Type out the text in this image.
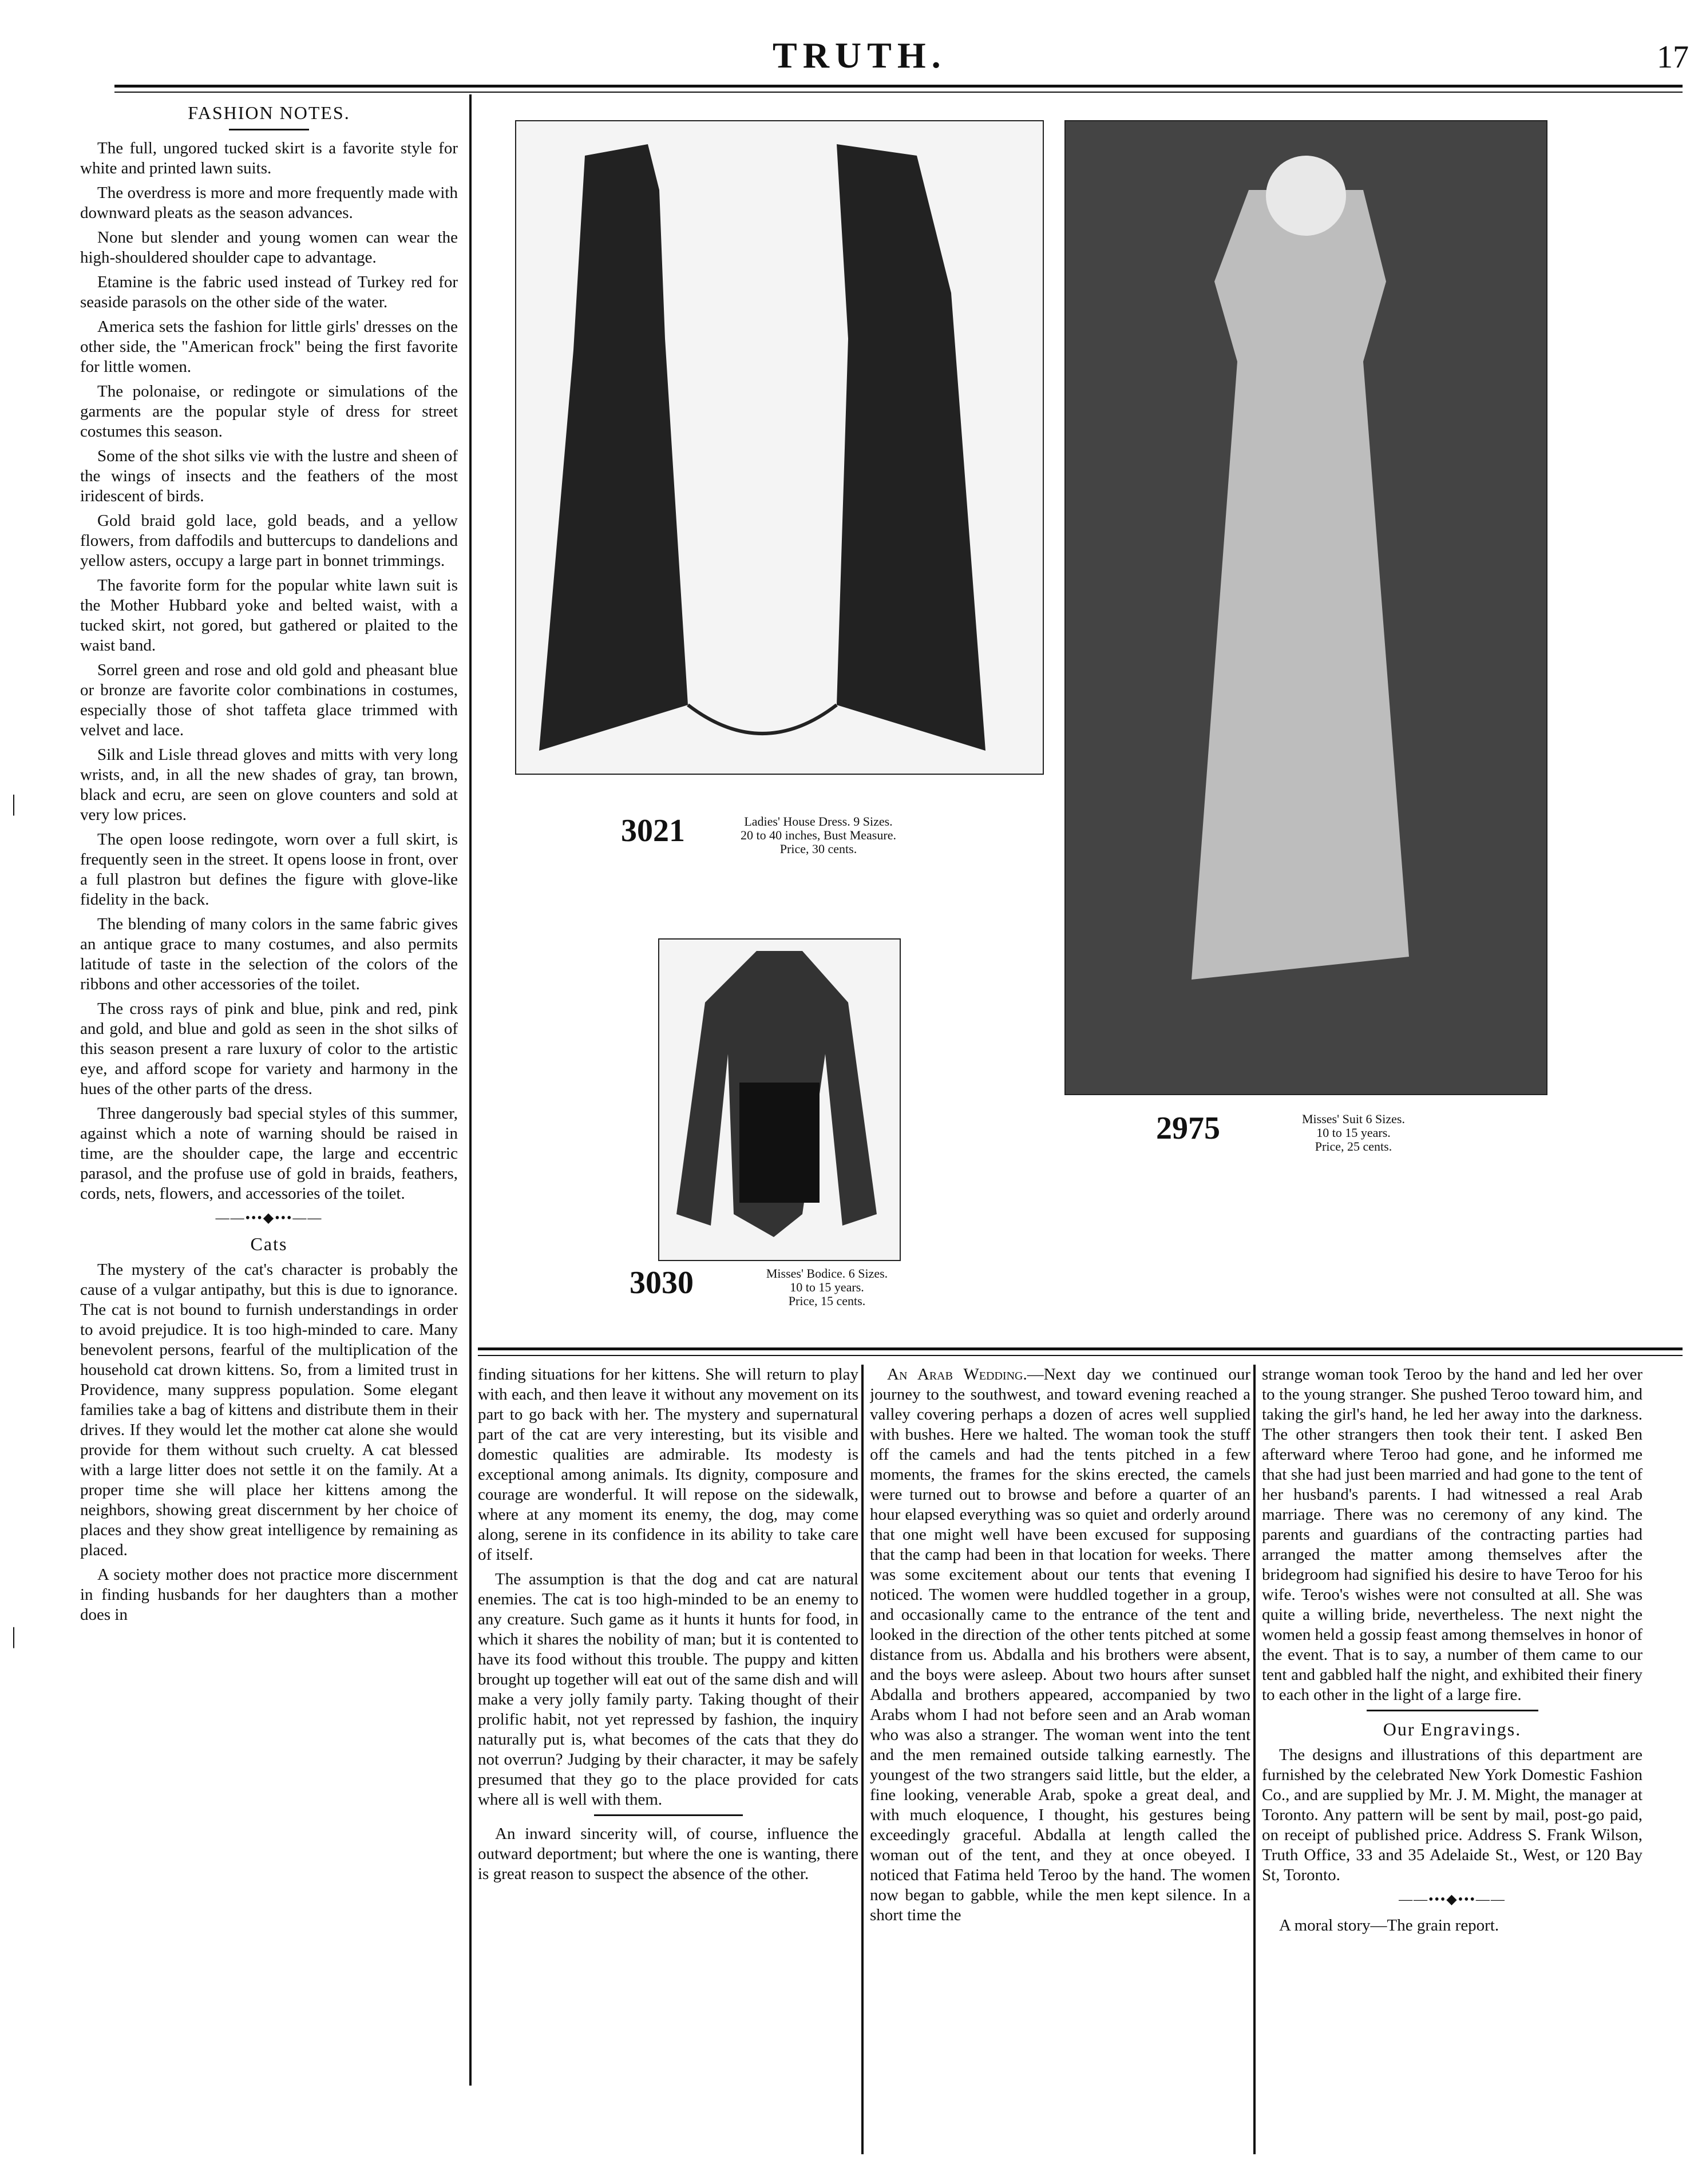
TRUTH.	17
|
|
FASHION NOTES.

The full, ungored tucked skirt is a favorite style for white and printed lawn suits.

The overdress is more and more frequently made with downward pleats as the season advances.

None but slender and young women can wear the high-shouldered shoulder cape to advantage.

Etamine is the fabric used instead of Turkey red for seaside parasols on the other side of the water.

America sets the fashion for little girls' dresses on the other side, the "American frock" being the first favorite for little women.

The polonaise, or redingote or simulations of the garments are the popular style of dress for street costumes this season.

Some of the shot silks vie with the lustre and sheen of the wings of insects and the feathers of the most iridescent of birds.

Gold braid gold lace, gold beads, and a yellow flowers, from daffodils and buttercups to dandelions and yellow asters, occupy a large part in bonnet trimmings.

The favorite form for the popular white lawn suit is the Mother Hubbard yoke and belted waist, with a tucked skirt, not gored, but gathered or plaited to the waist band.

Sorrel green and rose and old gold and pheasant blue or bronze are favorite color combinations in costumes, especially those of shot taffeta glace trimmed with velvet and lace.

Silk and Lisle thread gloves and mitts with very long wrists, and, in all the new shades of gray, tan brown, black and ecru, are seen on glove counters and sold at very low prices.

The open loose redingote, worn over a full skirt, is frequently seen in the street. It opens loose in front, over a full plastron but defines the figure with glove-like fidelity in the back.

The blending of many colors in the same fabric gives an antique grace to many costumes, and also permits latitude of taste in the selection of the colors of the ribbons and other accessories of the toilet.

The cross rays of pink and blue, pink and red, pink and gold, and blue and gold as seen in the shot silks of this season present a rare luxury of color to the artistic eye, and afford scope for variety and harmony in the hues of the other parts of the dress.

Three dangerously bad special styles of this summer, against which a note of warning should be raised in time, are the shoulder cape, the large and eccentric parasol, and the profuse use of gold in braids, feathers, cords, nets, flowers, and accessories of the toilet.

——•••◆•••——
Cats

The mystery of the cat's character is probably the cause of a vulgar antipathy, but this is due to ignorance. The cat is not bound to furnish understandings in order to avoid prejudice. It is too high-minded to care. Many benevolent persons, fearful of the multiplication of the household cat drown kittens. So, from a limited trust in Providence, many suppress population. Some elegant families take a bag of kittens and distribute them in their drives. If they would let the mother cat alone she would provide for them without such cruelty. A cat blessed with a large litter does not settle it on the family. At a proper time she will place her kittens among the neighbors, showing great discernment by her choice of places and they show great intelligence by remaining as placed.

A society mother does not practice more discernment in finding husbands for her daughters than a mother does in

3021	Ladies' House Dress. 9 Sizes.
20 to 40 inches, Bust Measure.
Price, 30 cents.
3030	Misses' Bodice. 6 Sizes.
10 to 15 years.
Price, 15 cents.
2975	Misses' Suit 6 Sizes.
10 to 15 years.
Price, 25 cents.

finding situations for her kittens. She will return to play with each, and then leave it without any movement on its part to go back with her. The mystery and supernatural part of the cat are very interesting, but its visible and domestic qualities are admirable. Its modesty is exceptional among animals. Its dignity, composure and courage are wonderful. It will repose on the sidewalk, where at any moment its enemy, the dog, may come along, serene in its confidence in its ability to take care of itself.

The assumption is that the dog and cat are natural enemies. The cat is too high-minded to be an enemy to any creature. Such game as it hunts it hunts for food, in which it shares the nobility of man; but it is contented to have its food without this trouble. The puppy and kitten brought up together will eat out of the same dish and will make a very jolly family party. Taking thought of their prolific habit, not yet repressed by fashion, the inquiry naturally put is, what becomes of the cats that they do not overrun? Judging by their character, it may be safely presumed that they go to the place provided for cats where all is well with them.

An inward sincerity will, of course, influence the outward deportment; but where the one is wanting, there is great reason to suspect the absence of the other.

An Arab Wedding.—Next day we continued our journey to the southwest, and toward evening reached a valley covering perhaps a dozen of acres well supplied with bushes. Here we halted. The woman took the stuff off the camels and had the tents pitched in a few moments, the frames for the skins erected, the camels were turned out to browse and before a quarter of an hour elapsed everything was so quiet and orderly around that one might well have been excused for supposing that the camp had been in that location for weeks. There was some excitement about our tents that evening I noticed. The women were huddled together in a group, and occasionally came to the entrance of the tent and looked in the direction of the other tents pitched at some distance from us. Abdalla and his brothers were absent, and the boys were asleep. About two hours after sunset Abdalla and brothers appeared, accompanied by two Arabs whom I had not before seen and an Arab woman who was also a stranger. The woman went into the tent and the men remained outside talking earnestly. The youngest of the two strangers said little, but the elder, a fine looking, venerable Arab, spoke a great deal, and with much eloquence, I thought, his gestures being exceedingly graceful. Abdalla at length called the woman out of the tent, and they at once obeyed. I noticed that Fatima held Teroo by the hand. The women now began to gabble, while the men kept silence. In a short time the

strange woman took Teroo by the hand and led her over to the young stranger. She pushed Teroo toward him, and taking the girl's hand, he led her away into the darkness. The other strangers then took their tent. I asked Ben afterward where Teroo had gone, and he informed me that she had just been married and had gone to the tent of her husband's parents. I had witnessed a real Arab marriage. There was no ceremony of any kind. The parents and guardians of the contracting parties had arranged the matter among themselves after the bridegroom had signified his desire to have Teroo for his wife. Teroo's wishes were not consulted at all. She was quite a willing bride, nevertheless. The next night the women held a gossip feast among themselves in honor of the event. That is to say, a number of them came to our tent and gabbled half the night, and exhibited their finery to each other in the light of a large fire.

Our Engravings.

The designs and illustrations of this department are furnished by the celebrated New York Domestic Fashion Co., and are supplied by Mr. J. M. Might, the manager at Toronto. Any pattern will be sent by mail, post-go paid, on receipt of published price. Address S. Frank Wilson, Truth Office, 33 and 35 Adelaide St., West, or 120 Bay St, Toronto.

——•••◆•••——

A moral story—The grain report.
